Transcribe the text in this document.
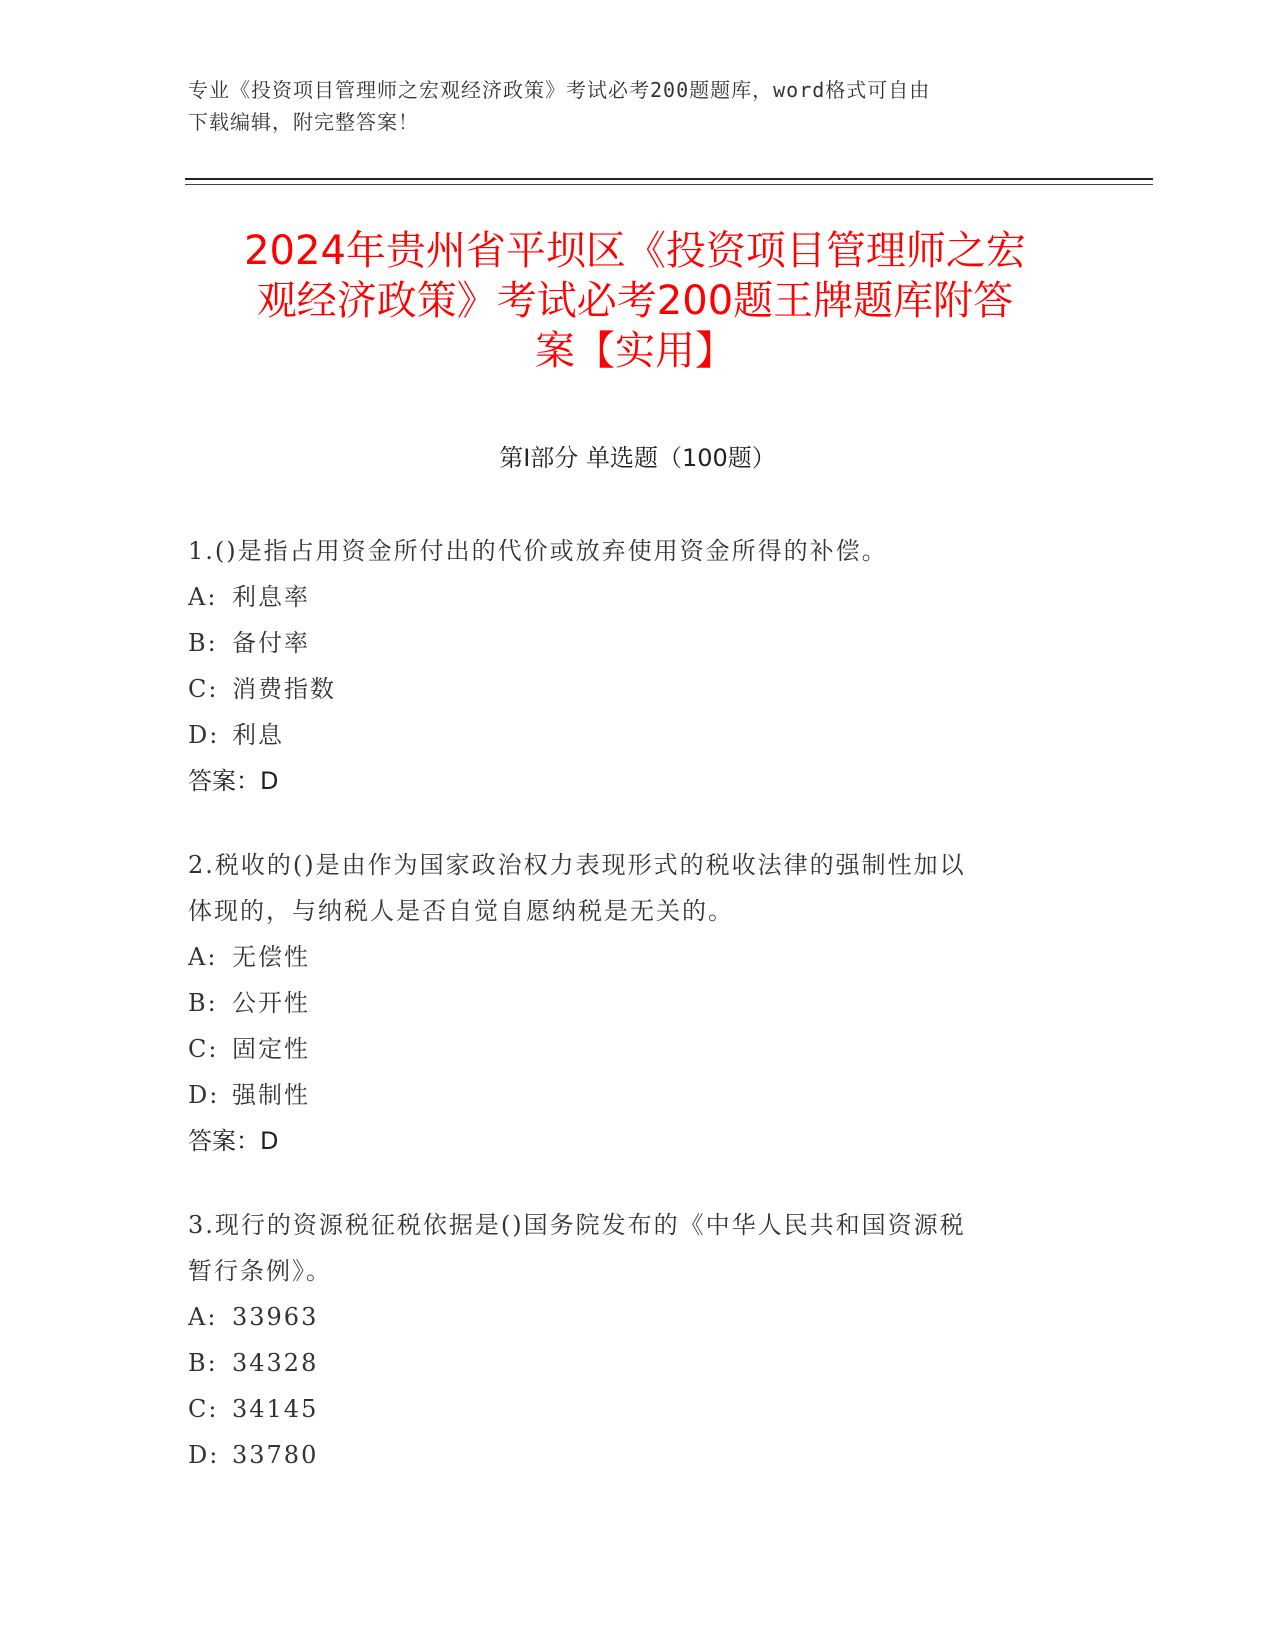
专业《投资项目管理师之宏观经济政策》考试必考200题题库，word格式可自由
下载编辑，附完整答案！
2024年贵州省平坝区《投资项目管理师之宏
观经济政策》考试必考200题王牌题库附答
案【实用】
第Ⅰ部分 单选题（100题）
1.()是指占用资金所付出的代价或放弃使用资金所得的补偿。
A: 利息率
B: 备付率
C: 消费指数
D: 利息
答案：D
2.税收的()是由作为国家政治权力表现形式的税收法律的强制性加以
体现的，与纳税人是否自觉自愿纳税是无关的。
A: 无偿性
B: 公开性
C: 固定性
D: 强制性
答案：D
3.现行的资源税征税依据是()国务院发布的《中华人民共和国资源税
暂行条例》。
A: 33963
B: 34328
C: 34145
D: 33780
